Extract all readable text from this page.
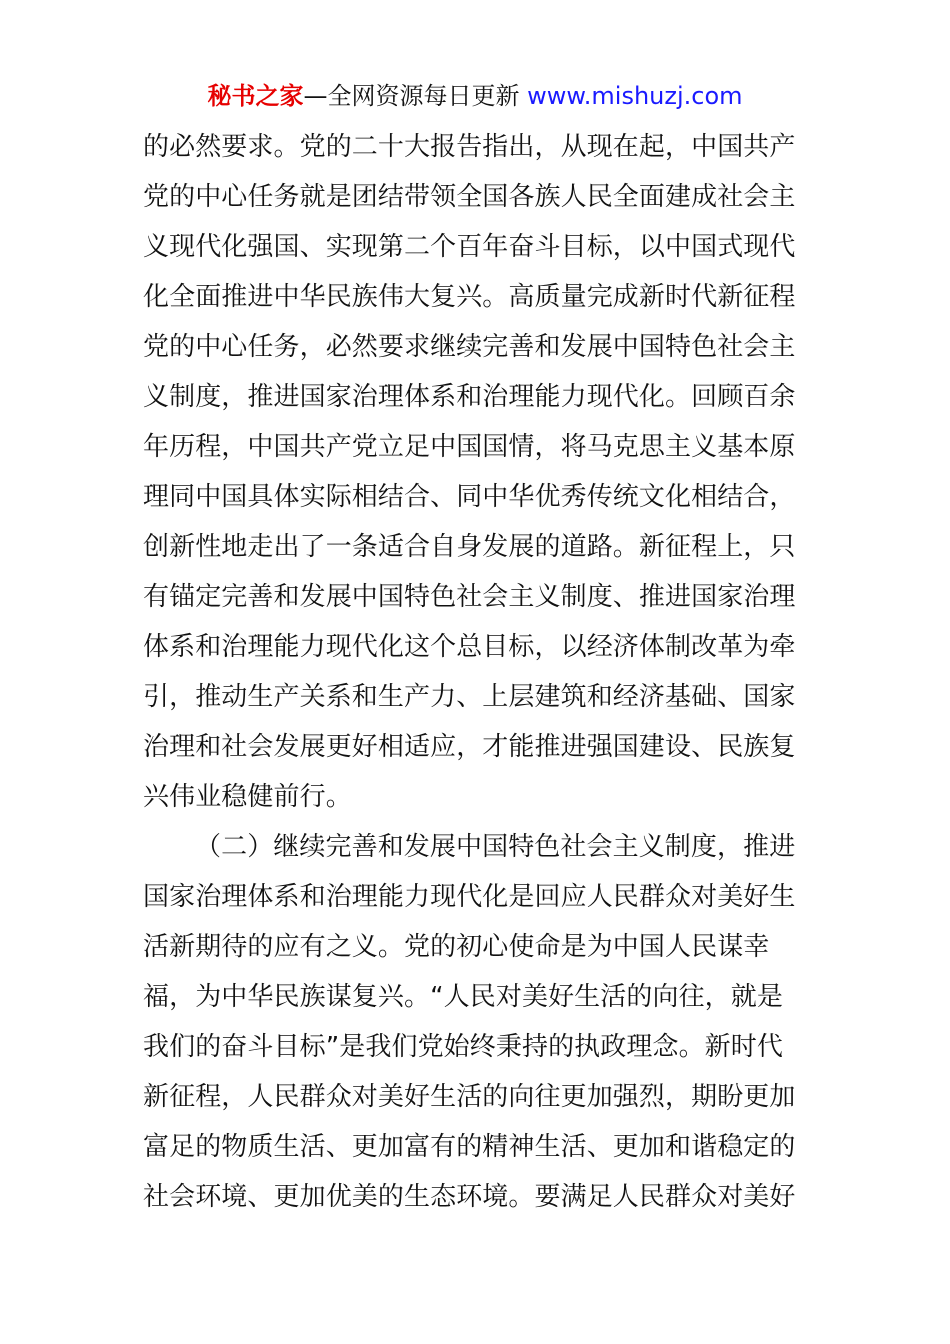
秘书之家—全网资源每日更新 www.mishuzj.com
的必然要求。党的二十大报告指出，从现在起，中国共产
党的中心任务就是团结带领全国各族人民全面建成社会主
义现代化强国、实现第二个百年奋斗目标，以中国式现代
化全面推进中华民族伟大复兴。高质量完成新时代新征程
党的中心任务，必然要求继续完善和发展中国特色社会主
义制度，推进国家治理体系和治理能力现代化。回顾百余
年历程，中国共产党立足中国国情，将马克思主义基本原
理同中国具体实际相结合、同中华优秀传统文化相结合，
创新性地走出了一条适合自身发展的道路。新征程上，只
有锚定完善和发展中国特色社会主义制度、推进国家治理
体系和治理能力现代化这个总目标，以经济体制改革为牵
引，推动生产关系和生产力、上层建筑和经济基础、国家
治理和社会发展更好相适应，才能推进强国建设、民族复
兴伟业稳健前行。
（二）继续完善和发展中国特色社会主义制度，推进
国家治理体系和治理能力现代化是回应人民群众对美好生
活新期待的应有之义。党的初心使命是为中国人民谋幸
福，为中华民族谋复兴。“人民对美好生活的向往，就是
我们的奋斗目标”是我们党始终秉持的执政理念。新时代
新征程，人民群众对美好生活的向往更加强烈，期盼更加
富足的物质生活、更加富有的精神生活、更加和谐稳定的
社会环境、更加优美的生态环境。要满足人民群众对美好
